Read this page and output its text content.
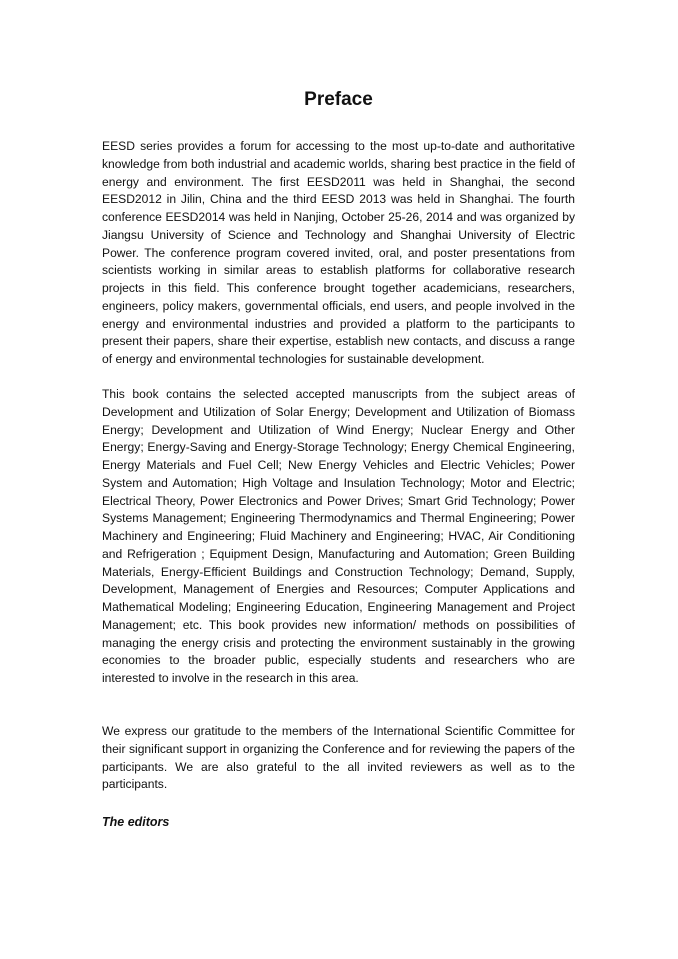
Preface

EESD series provides a forum for accessing to the most up-to-date and authoritative knowledge from both industrial and academic worlds, sharing best practice in the field of energy and environment. The first EESD2011 was held in Shanghai, the second EESD2012 in Jilin, China and the third EESD 2013 was held in Shanghai. The fourth conference EESD2014 was held in Nanjing, October 25-26, 2014 and was organized by Jiangsu University of Science and Technology and Shanghai University of Electric Power. The conference program covered invited, oral, and poster presentations from scientists working in similar areas to establish platforms for collaborative research projects in this field. This conference brought together academicians, researchers, engineers, policy makers, governmental officials, end users, and people involved in the energy and environmental industries and provided a platform to the participants to present their papers, share their expertise, establish new contacts, and discuss a range of energy and environmental technologies for sustainable development.

This book contains the selected accepted manuscripts from the subject areas of Development and Utilization of Solar Energy; Development and Utilization of Biomass Energy; Development and Utilization of Wind Energy; Nuclear Energy and Other Energy; Energy-Saving and Energy-Storage Technology; Energy Chemical Engineering, Energy Materials and Fuel Cell; New Energy Vehicles and Electric Vehicles; Power System and Automation; High Voltage and Insulation Technology; Motor and Electric; Electrical Theory, Power Electronics and Power Drives; Smart Grid Technology; Power Systems Management; Engineering Thermodynamics and Thermal Engineering; Power Machinery and Engineering; Fluid Machinery and Engineering; HVAC, Air Conditioning and Refrigeration ; Equipment Design, Manufacturing and Automation; Green Building Materials, Energy-Efficient Buildings and Construction Technology; Demand, Supply, Development, Management of Energies and Resources; Computer Applications and Mathematical Modeling; Engineering Education, Engineering Management and Project Management; etc. This book provides new information/ methods on possibilities of managing the energy crisis and protecting the environment sustainably in the growing economies to the broader public, especially students and researchers who are interested to involve in the research in this area.

We express our gratitude to the members of the International Scientific Committee for their significant support in organizing the Conference and for reviewing the papers of the participants. We are also grateful to the all invited reviewers as well as to the participants.

The editors
